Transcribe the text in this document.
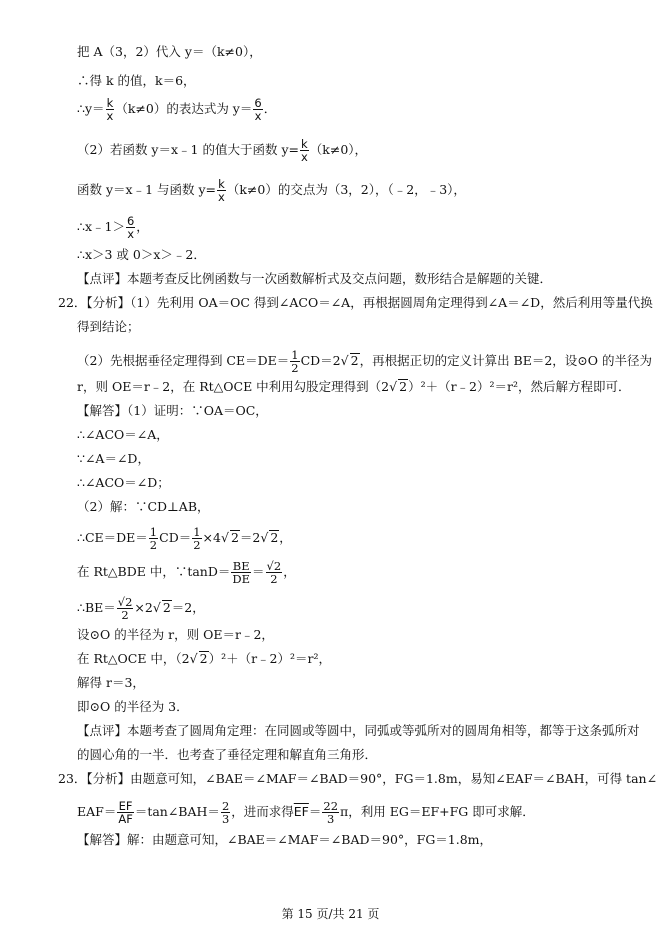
把 A（3，2）代入 y＝（k≠0），
∴得 k 的值，k＝6，
∴y＝ $\frac{k}{x} (k\ne 0)$的表达式为 $y= \frac{6}{x}$ ．
（2）若函数 y＝x﹣1 的值大于函数 $y= \frac{k}{x} (k\ne 0)$，
函数 y＝x﹣1 与函数 $y= \frac{k}{x} (k\ne 0)$的交点为（3，2），（﹣2，﹣3），
∴x﹣1＞ $\frac{6}{x}$ ，
∴x＞3 或 0＞x＞﹣2．
【点评】本题考查反比例函数与一次函数解析式及交点问题，数形结合是解题的关键．
22．【分析】（1）先利用 OA＝OC 得到∠ACO＝∠A，再根据圆周角定理得到∠A＝∠D，然后利用等量代换
得到结论；
（2）先根据垂径定理得到 $CE=DE= \frac{1}{2} CD=2√$ 2，再根据正切的定义计算出 BE＝2，设⊙O 的半径为
r，则 OE＝r﹣2，在 Rt△OCE 中利用勾股定理得到（2√ 2）²＋（r﹣2）²＝r²，然后解方程即可．
【解答】（1）证明：∵OA＝OC，
∴∠ACO＝∠A，
∵∠A＝∠D，
∴∠ACO＝∠D；
（2）解：∵CD⊥AB，
∴CE＝DE＝ $\frac{1}{2} CD= \frac{1}{2} \times 4√$ 2＝2√ 2，
在 Rt△BDE 中，∵tanD＝ $\frac{BE}{DE} = \frac{√2}{2}$ ，
∴BE＝ $\frac{√2}{2} \times 2√$ 2＝2，
设⊙O 的半径为 r，则 OE＝r﹣2，
在 Rt△OCE 中，（2√ 2）²＋（r﹣2）²＝r²，
解得 r＝3，
即⊙O 的半径为 3．
【点评】本题考查了圆周角定理：在同圆或等圆中，同弧或等弧所对的圆周角相等，都等于这条弧所对
的圆心角的一半．也考查了垂径定理和解直角三角形．
23．【分析】由题意可知，∠BAE＝∠MAF＝∠BAD＝90°，FG＝1.8m，易知∠EAF＝∠BAH，可得 tan∠
$EAF= \frac{EF}{AF}$ ＝tan∠BAH＝ $\frac{2}{3}$ ，进而求得$\overline{EF}= \frac{22}{3}$ π，利用 EG＝EF+FG 即可求解．
【解答】解：由题意可知，∠BAE＝∠MAF＝∠BAD＝90°，FG＝1.8m，
第 15 页/共 21 页
